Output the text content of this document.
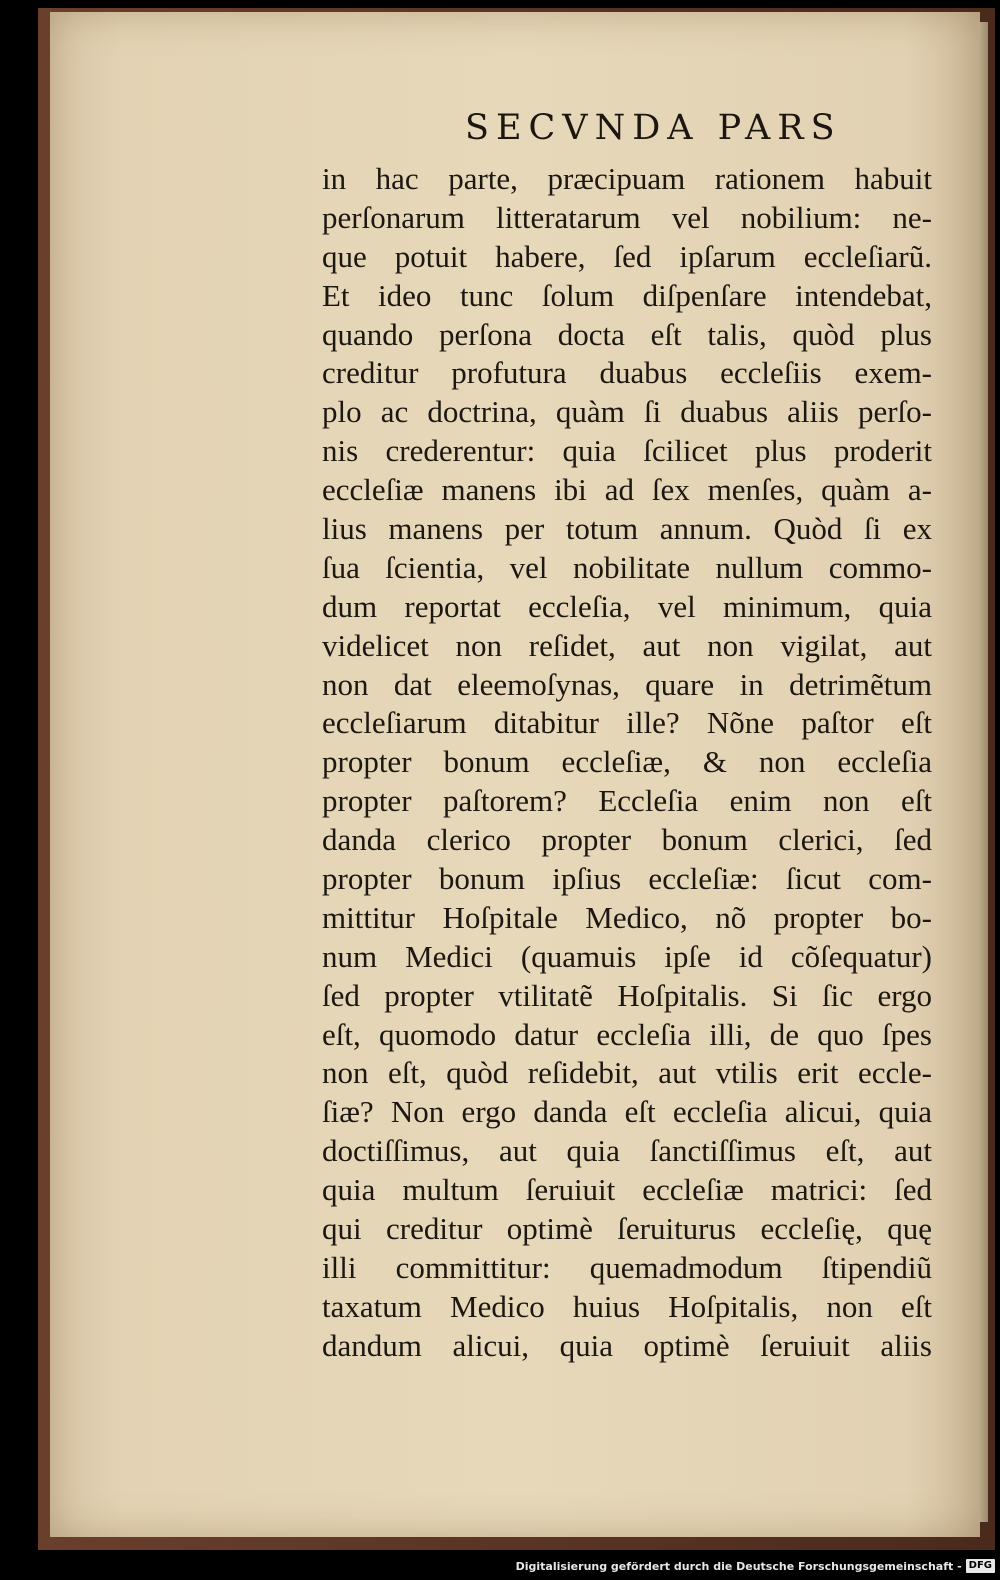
SECVNDA PARS
in hac parte, præcipuam rationem habuit
perſonarum litteratarum vel nobilium: ne-
que potuit habere, ſed ipſarum eccleſiarũ.
Et ideo tunc ſolum diſpenſare intendebat,
quando perſona docta eſt talis, quòd plus
creditur profutura duabus eccleſiis exem-
plo ac doctrina, quàm ſi duabus aliis perſo-
nis crederentur: quia ſcilicet plus proderit
eccleſiæ manens ibi ad ſex menſes, quàm a-
lius manens per totum annum. Quòd ſi ex
ſua ſcientia, vel nobilitate nullum commo-
dum reportat eccleſia, vel minimum, quia
videlicet non reſidet, aut non vigilat, aut
non dat eleemoſynas, quare in detrimẽtum
eccleſiarum ditabitur ille? Nõne paſtor eſt
propter bonum eccleſiæ, & non eccleſia
propter paſtorem? Eccleſia enim non eſt
danda clerico propter bonum clerici, ſed
propter bonum ipſius eccleſiæ: ſicut com-
mittitur Hoſpitale Medico, nõ propter bo-
num Medici (quamuis ipſe id cõſequatur)
ſed propter vtilitatẽ Hoſpitalis. Si ſic ergo
eſt, quomodo datur eccleſia illi, de quo ſpes
non eſt, quòd reſidebit, aut vtilis erit eccle-
ſiæ? Non ergo danda eſt eccleſia alicui, quia
doctiſſimus, aut quia ſanctiſſimus eſt, aut
quia multum ſeruiuit eccleſiæ matrici: ſed
qui creditur optimè ſeruiturus eccleſię, quę
illi committitur: quemadmodum ſtipendiũ
taxatum Medico huius Hoſpitalis, non eſt
dandum alicui, quia optimè ſeruiuit aliis
Digitalisierung gefördert durch die Deutsche Forschungsgemeinschaft - DFG
